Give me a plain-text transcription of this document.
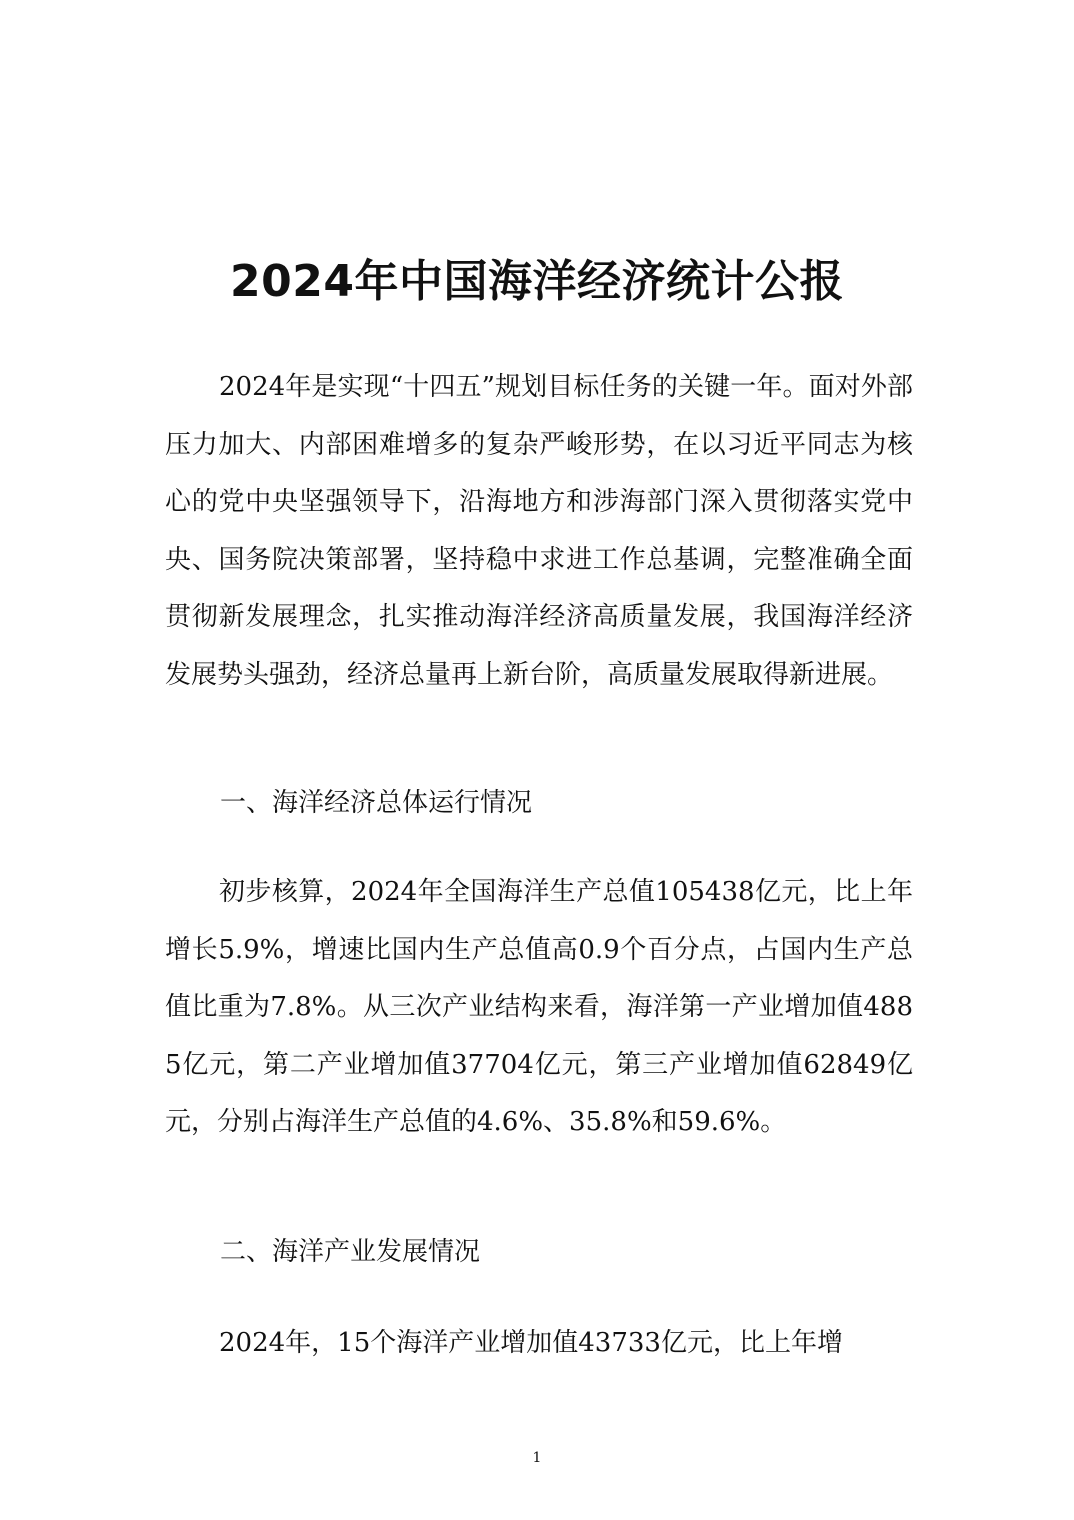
2024年中国海洋经济统计公报

2024年是实现“十四五”规划目标任务的关键一年。面对外部压力加大、内部困难增多的复杂严峻形势，在以习近平同志为核心的党中央坚强领导下，沿海地方和涉海部门深入贯彻落实党中央、国务院决策部署，坚持稳中求进工作总基调，完整准确全面贯彻新发展理念，扎实推动海洋经济高质量发展，我国海洋经济发展势头强劲，经济总量再上新台阶，高质量发展取得新进展。

一、海洋经济总体运行情况

初步核算，2024年全国海洋生产总值105438亿元，比上年增长5.9%，增速比国内生产总值高0.9个百分点，占国内生产总值比重为7.8%。从三次产业结构来看，海洋第一产业增加值4885亿元，第二产业增加值37704亿元，第三产业增加值62849亿元，分别占海洋生产总值的4.6%、35.8%和59.6%。

二、海洋产业发展情况

2024年，15个海洋产业增加值43733亿元，比上年增

1
